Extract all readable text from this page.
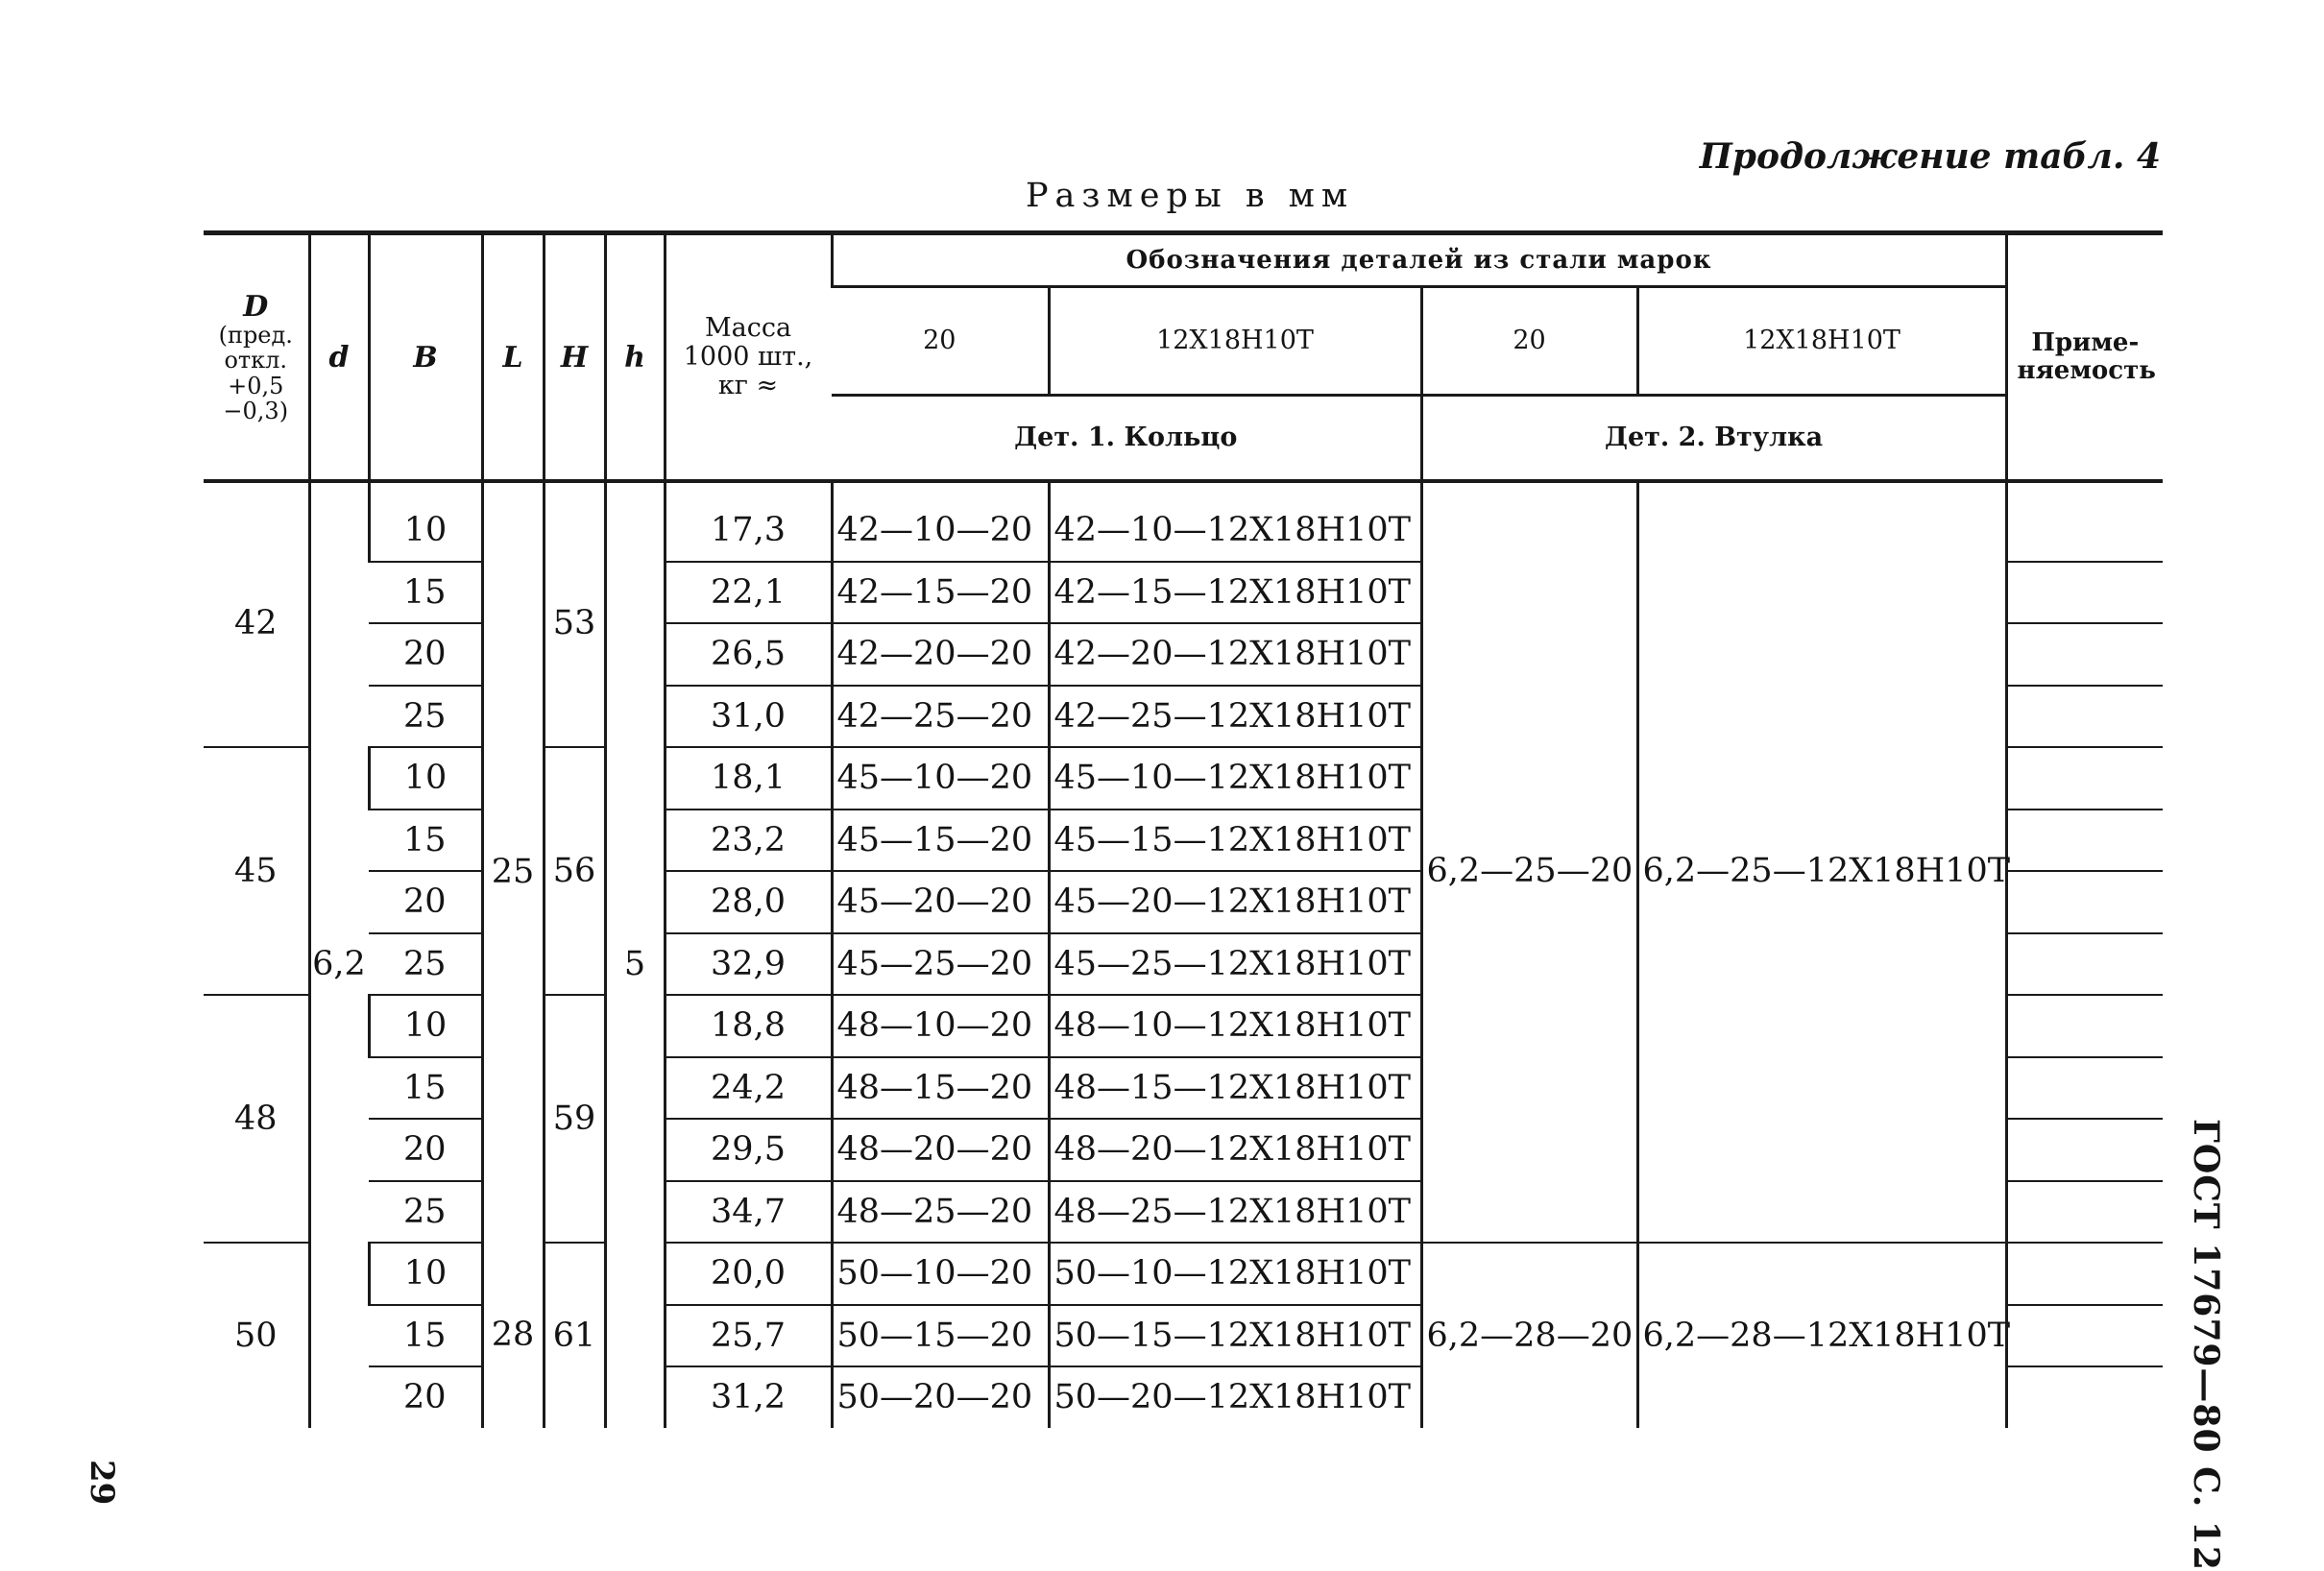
Продолжение табл. 4
Размеры в мм
29	ГОСТ 17679—80 С. 12
D
(пред. откл. +0,5 −0,3)	d	B	L	H	h	Масса 1000 шт., кг ≈	Обозначения деталей из стали марок				Приме-няемость
							20	12Х18Н10Т	20	12Х18Н10Т	
							Дет. 1. Кольцо		Дет. 2. Втулка		
42	6,2	10	25	53	5	17,3	42—10—20	42—10—12Х18Н10Т	6,2—25—20	6,2—25—12Х18Н10Т	
		15				22,1	42—15—20	42—15—12Х18Н10Т			
		20				26,5	42—20—20	42—20—12Х18Н10Т			
		25				31,0	42—25—20	42—25—12Х18Н10Т			
45		10		56		18,1	45—10—20	45—10—12Х18Н10Т			
		15				23,2	45—15—20	45—15—12Х18Н10Т			
		20				28,0	45—20—20	45—20—12Х18Н10Т			
		25				32,9	45—25—20	45—25—12Х18Н10Т			
48		10		59		18,8	48—10—20	48—10—12Х18Н10Т			
		15				24,2	48—15—20	48—15—12Х18Н10Т			
		20				29,5	48—20—20	48—20—12Х18Н10Т			
		25				34,7	48—25—20	48—25—12Х18Н10Т			
50		10	28	61		20,0	50—10—20	50—10—12Х18Н10Т	6,2—28—20	6,2—28—12Х18Н10Т	
		15				25,7	50—15—20	50—15—12Х18Н10Т			
		20				31,2	50—20—20	50—20—12Х18Н10Т			
